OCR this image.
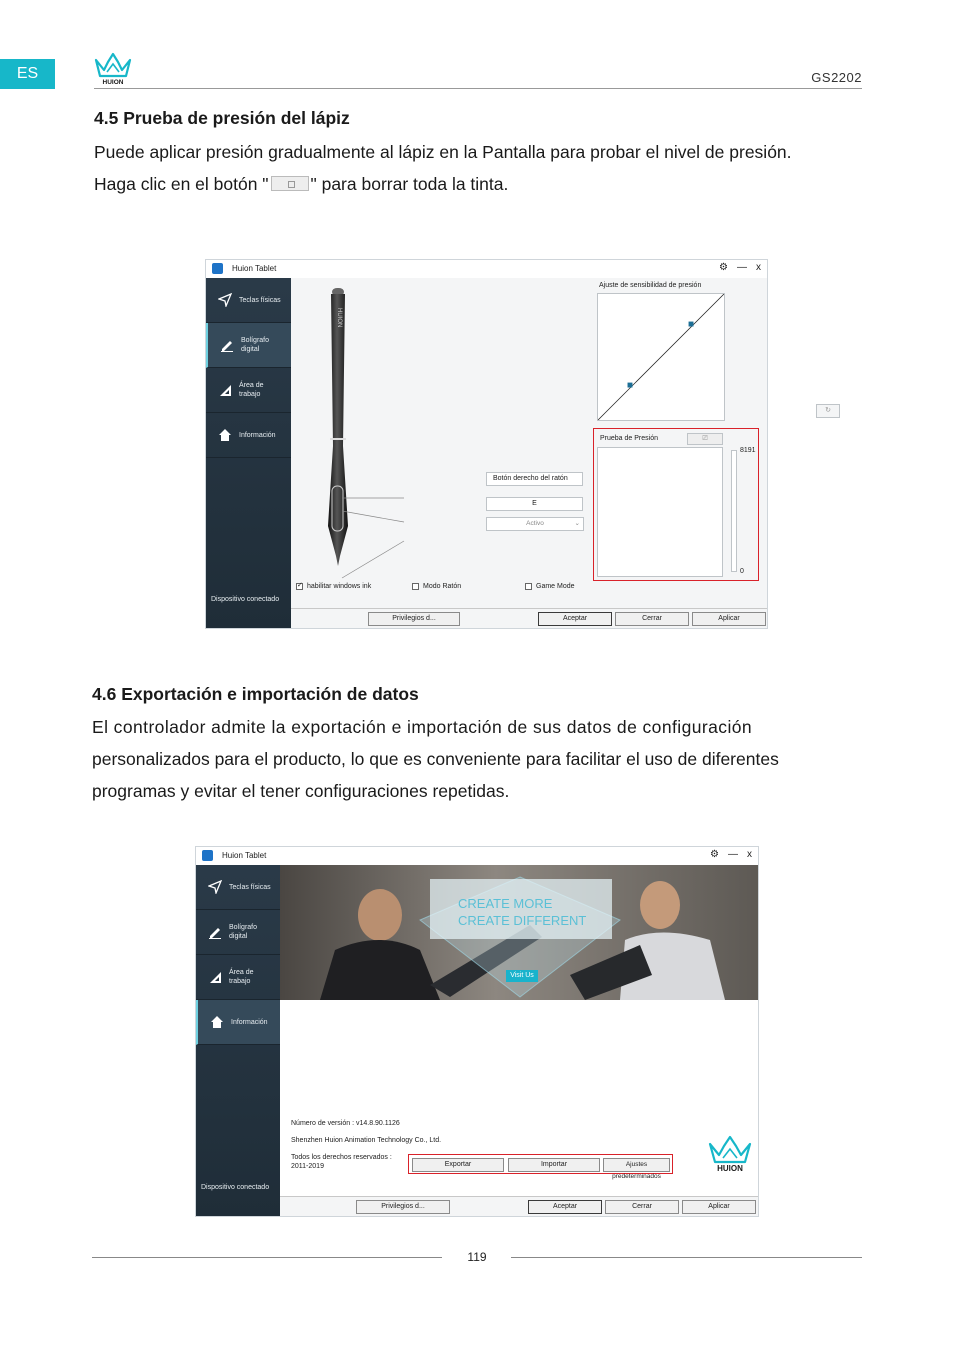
ES
HUION	GS2202
4.5 Prueba de presión del lápiz
Puede aplicar presión gradualmente al lápiz en la Pantalla para probar el nivel de presión.
Haga clic en el botón " " para borrar toda la tinta.
Huion Tablet	⚙ — x
Teclas físicas
Bolígrafo digital
Área de trabajo
Información
Dispositivo conectado
HUION
Botón derecho del ratón
E
Activo	⌄
Ajuste de sensibilidad de presión
↻
Prueba de Presión	⎚
8191
0
✓
habilitar windows ink	Modo Ratón	Game Mode
Privilegios d...	Aceptar	Cerrar	Aplicar
4.6 Exportación e importación de datos
El controlador admite la exportación e importación de sus datos de configuración
personalizados para el producto, lo que es conveniente para facilitar el uso de diferentes
programas y evitar el tener configuraciones repetidas.
Huion Tablet	⚙ — x
Teclas físicas
Bolígrafo digital
Área de trabajo
Información
Dispositivo conectado
CREATE MORE
CREATE DIFFERENT
Visit Us
Número de versión : v14.8.90.1126
Shenzhen Huion Animation Technology Co., Ltd.
Todos los derechos reservados :
2011-2019	Exportar	Importar	Ajustes predeterminados
HUION
Privilegios d...	Aceptar	Cerrar	Aplicar
119
